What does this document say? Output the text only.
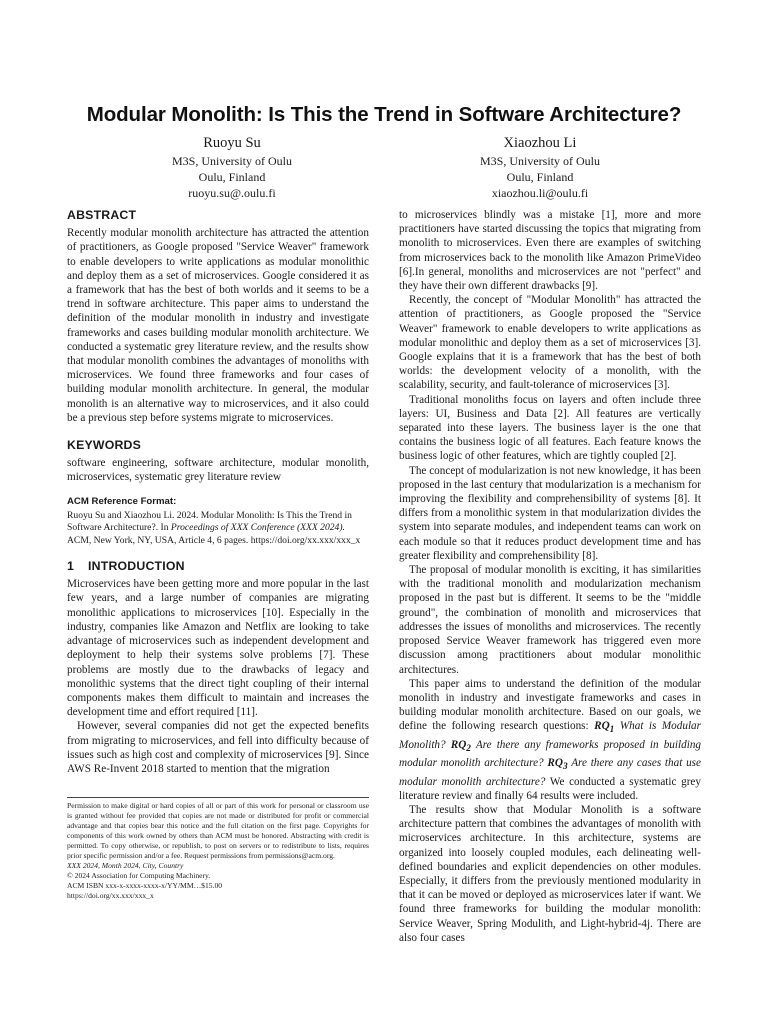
Modular Monolith: Is This the Trend in Software Architecture?
Ruoyu Su
M3S, University of Oulu
Oulu, Finland
ruoyu.su@.oulu.fi
Xiaozhou Li
M3S, University of Oulu
Oulu, Finland
xiaozhou.li@oulu.fi
ABSTRACT

Recently modular monolith architecture has attracted the attention of practitioners, as Google proposed "Service Weaver" framework to enable developers to write applications as modular monolithic and deploy them as a set of microservices. Google considered it as a framework that has the best of both worlds and it seems to be a trend in software architecture. This paper aims to understand the definition of the modular monolith in industry and investigate frameworks and cases building modular monolith architecture. We conducted a systematic grey literature review, and the results show that modular monolith combines the advantages of monoliths with microservices. We found three frameworks and four cases of building modular monolith architecture. In general, the modular monolith is an alternative way to microservices, and it also could be a previous step before systems migrate to microservices.

KEYWORDS

software engineering, software architecture, modular monolith, microservices, systematic grey literature review

ACM Reference Format:
Ruoyu Su and Xiaozhou Li. 2024. Modular Monolith: Is This the Trend in Software Architecture?. In Proceedings of XXX Conference (XXX 2024). ACM, New York, NY, USA, Article 4, 6 pages. https://doi.org/xx.xxx/xxx_x
1 INTRODUCTION

Microservices have been getting more and more popular in the last few years, and a large number of companies are migrating monolithic applications to microservices [10]. Especially in the industry, companies like Amazon and Netflix are looking to take advantage of microservices such as independent development and deployment to help their systems solve problems [7]. These problems are mostly due to the drawbacks of legacy and monolithic systems that the direct tight coupling of their internal components makes them difficult to maintain and increases the development time and effort required [11].

However, several companies did not get the expected benefits from migrating to microservices, and fell into difficulty because of issues such as high cost and complexity of microservices [9]. Since AWS Re-Invent 2018 started to mention that the migration

Permission to make digital or hard copies of all or part of this work for personal or classroom use is granted without fee provided that copies are not made or distributed for profit or commercial advantage and that copies bear this notice and the full citation on the first page. Copyrights for components of this work owned by others than ACM must be honored. Abstracting with credit is permitted. To copy otherwise, or republish, to post on servers or to redistribute to lists, requires prior specific permission and/or a fee. Request permissions from permissions@acm.org.
XXX 2024, Month 2024, City, Country
© 2024 Association for Computing Machinery.
ACM ISBN xxx-x-xxxx-xxxx-x/YY/MM…$15.00
https://doi.org/xx.xxx/xxx_x

to microservices blindly was a mistake [1], more and more practitioners have started discussing the topics that migrating from monolith to microservices. Even there are examples of switching from microservices back to the monolith like Amazon PrimeVideo [6].In general, monoliths and microservices are not "perfect" and they have their own different drawbacks [9].

Recently, the concept of "Modular Monolith" has attracted the attention of practitioners, as Google proposed the "Service Weaver" framework to enable developers to write applications as modular monolithic and deploy them as a set of microservices [3]. Google explains that it is a framework that has the best of both worlds: the development velocity of a monolith, with the scalability, security, and fault-tolerance of microservices [3].

Traditional monoliths focus on layers and often include three layers: UI, Business and Data [2]. All features are vertically separated into these layers. The business layer is the one that contains the business logic of all features. Each feature knows the business logic of other features, which are tightly coupled [2].

The concept of modularization is not new knowledge, it has been proposed in the last century that modularization is a mechanism for improving the flexibility and comprehensibility of systems [8]. It differs from a monolithic system in that modularization divides the system into separate modules, and independent teams can work on each module so that it reduces product development time and has greater flexibility and comprehensibility [8].

The proposal of modular monolith is exciting, it has similarities with the traditional monolith and modularization mechanism proposed in the past but is different. It seems to be the "middle ground", the combination of monolith and microservices that addresses the issues of monoliths and microservices. The recently proposed Service Weaver framework has triggered even more discussion among practitioners about modular monolithic architectures.

This paper aims to understand the definition of the modular monolith in industry and investigate frameworks and cases in building modular monolith architecture. Based on our goals, we define the following research questions: $RQ_1$ What is Modular Monolith? $RQ_2$ Are there any frameworks proposed in building modular monolith architecture? $RQ_3$ Are there any cases that use modular monolith architecture? We conducted a systematic grey literature review and finally 64 results were included.

The results show that Modular Monolith is a software architecture pattern that combines the advantages of monolith with microservices architecture. In this architecture, systems are organized into loosely coupled modules, each delineating well-defined boundaries and explicit dependencies on other modules. Especially, it differs from the previously mentioned modularity in that it can be moved or deployed as microservices later if want. We found three frameworks for building the modular monolith: Service Weaver, Spring Modulith, and Light-hybrid-4j. There are also four cases
